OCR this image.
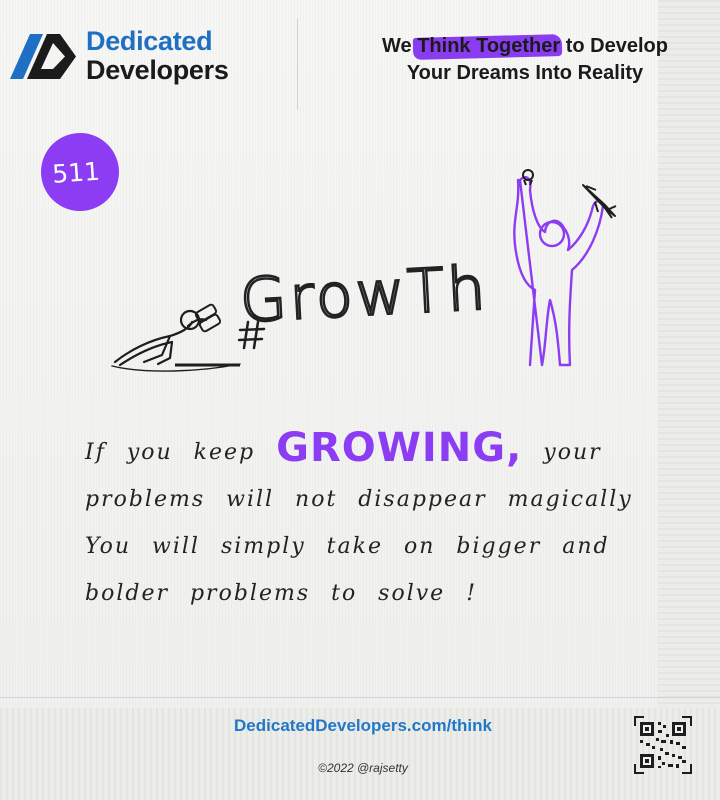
Dedicated
Developers
We Think Together to Develop
Your Dreams Into Reality
511
GrowTh
If you keep GROWING, your
problems will not disappear magically
You will simply take on bigger and
bolder problems to solve !
DedicatedDevelopers.com/think
©2022 @rajsetty
